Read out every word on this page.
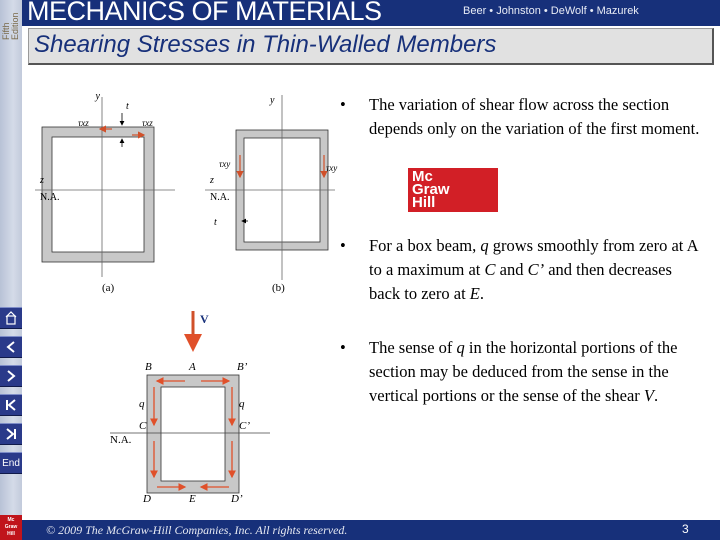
Fifth Edition
End
Mc
Graw
Hill
MECHANICS OF MATERIALS	Beer • Johnston • DeWolf • Mazurek
Shearing Stresses in Thin-Walled Members
y
t
τxz	τxz
z
N.A.
(a)
y
τxy	τxy
z
N.A.
t
(b)
V
B	A	B’
q	q
C	C’
N.A.
D	E	D’
• The variation of shear flow across the section depends only on the variation of the first moment.
Mc
Graw
Hill
• For a box beam, q grows smoothly from zero at A to a maximum at C and C’ and then decreases back to zero at E.
• The sense of q in the horizontal portions of the section may be deduced from the sense in the vertical portions or the sense of the shear V.
© 2009 The McGraw-Hill Companies, Inc. All rights reserved.	3
